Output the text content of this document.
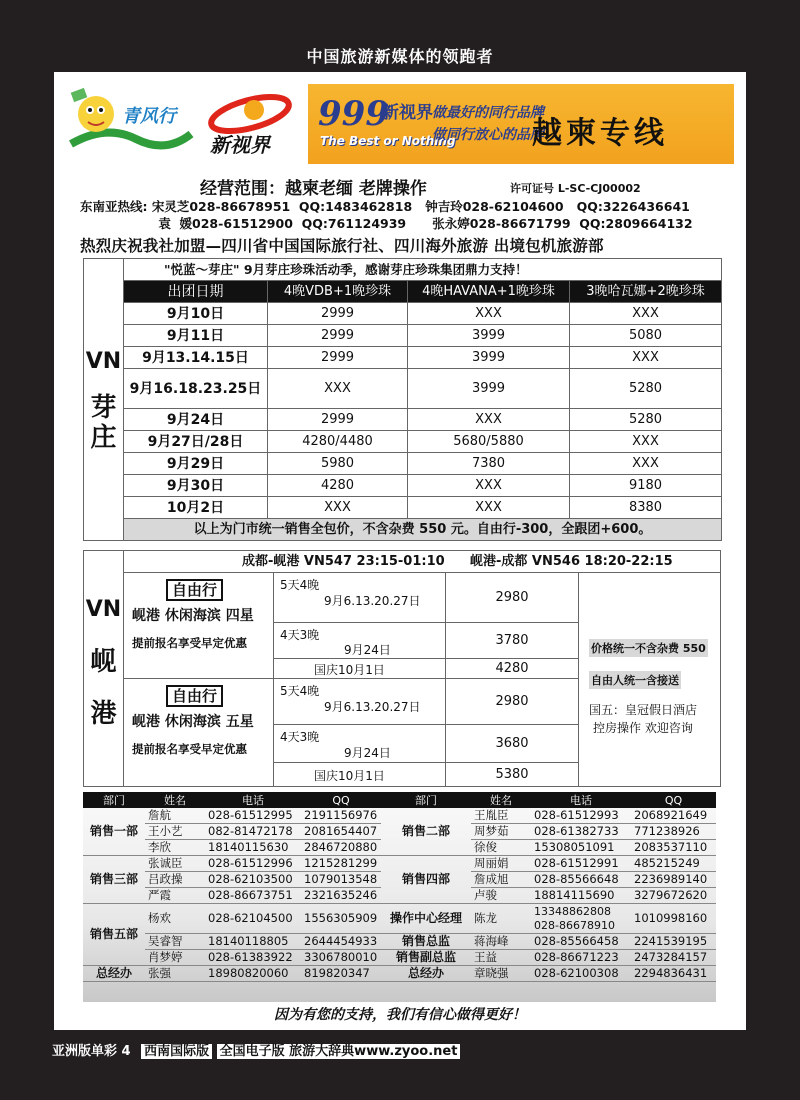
中国旅游新媒体的领跑者
青风行
新视界
999
新视界
The Best or Nothing
做最好的同行品牌
做同行放心的品牌
越柬专线
经营范围：越柬老缅 老牌操作	许可证号 L-SC-CJ00002
东南亚热线: 宋灵芝028-86678951  QQ:1483462818   钟吉玲028-62104600   QQ:3226436641
袁  媛028-61512900  QQ:761124939      张永婷028-86671799  QQ:2809664132
热烈庆祝我社加盟—四川省中国国际旅行社、四川海外旅游 出境包机旅游部
VN
芽
庄	"悦蓝～芽庄" 9月芽庄珍珠活动季，感谢芽庄珍珠集团鼎力支持！			
	出团日期	4晚VDB+1晚珍珠	4晚HAVANA+1晚珍珠	3晚哈瓦娜+2晚珍珠
	9月10日	2999	XXX	XXX
	9月11日	2999	3999	5080
	9月13.14.15日	2999	3999	XXX
	9月16.18.23.25日	XXX	3999	5280
	9月24日	2999	XXX	5280
	9月27日/28日	4280/4480	5680/5880	XXX
	9月29日	5980	7380	XXX
	9月30日	4280	XXX	9180
	10月2日	XXX	XXX	8380
	以上为门市统一销售全包价，不含杂费 550 元。自由行-300，全跟团+600。			
VN
岘
港
成都-岘港 VN547 23:15-01:10 岘港-成都 VN546 18:20-22:15
自由行
岘港 休闲海滨 四星
提前报名享受早定优惠
5天4晚
9月6.13.20.27日	2980
4天3晚
9月24日
3780
国庆10月1日	4280
自由行
岘港 休闲海滨 五星
提前报名享受早定优惠
5天4晚
9月6.13.20.27日	2980
4天3晚
9月24日
3680
国庆10月1日	5380
价格统一不含杂费 550
自由人统一含接送
国五：皇冠假日酒店
控房操作 欢迎咨询
部门	姓名	电话	QQ	部门	姓名	电话	QQ
销售一部	詹航	028-61512995	2191156976	销售二部	王胤臣	028-61512993	2068921649
	王小艺	082-81472178	2081654407		周梦茹	028-61382733	771238926
	李欣	18140115630	2846720880		徐俊	15308051091	2083537110
销售三部	张诚臣	028-61512996	1215281299	销售四部	周丽娟	028-61512991	485215249
	吕政操	028-62103500	1079013548		詹成旭	028-85566648	2236989140
	严霞	028-86673751	2321635246		卢骏	18814115690	3279672620
销售五部	杨欢	028-62104500	1556305909	操作中心经理	陈龙	13348862808 028-86678910	1010998160
	吴睿智	18140118805	2644454933	销售总监	蒋海峰	028-85566458	2241539195
	肖梦婷	028-61383922	3306780010	销售副总监	王益	028-86671223	2473284157
总经办	张强	18980820060	819820347	总经办	章晓强	028-62100308	2294836431
因为有您的支持，我们有信心做得更好！
亚洲版单彩 4 西南国际版 全国电子版 旅游大辞典www.zyoo.net
